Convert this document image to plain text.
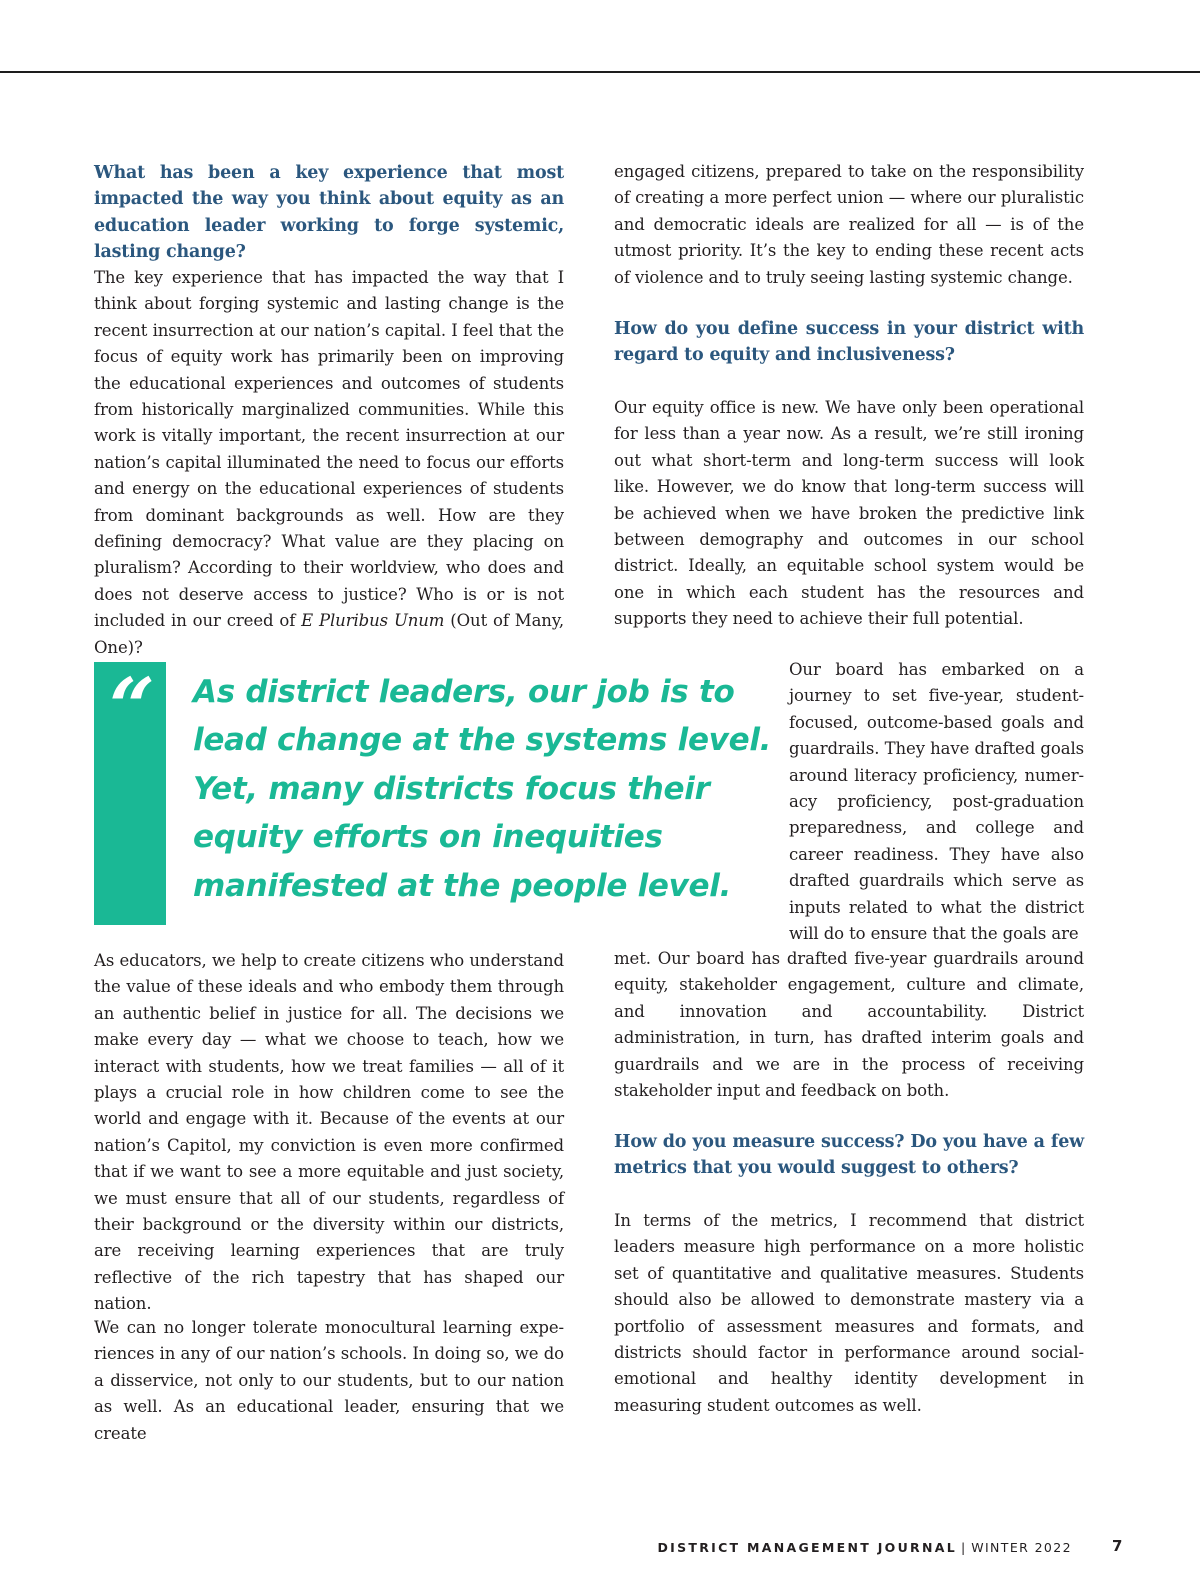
What has been a key experience that most impacted the way you think about equity as an education leader working to forge systemic, lasting change?

The key experience that has impacted the way that I think about forging systemic and lasting change is the recent insurrection at our nation’s capital. I feel that the focus of equity work has primarily been on improving the educational experiences and outcomes of students from historically marginalized communities. While this work is vitally important, the recent insurrection at our nation’s capital illuminated the need to focus our efforts and energy on the educational experiences of students from dominant backgrounds as well. How are they defining democracy? What value are they placing on pluralism? According to their worldview, who does and does not deserve access to justice? Who is or is not included in our creed of E Pluribus Unum (Out of Many, One)?

“ As district leaders, our job is to
lead change at the systems level.
Yet, many districts focus their
equity efforts on inequities
manifested at the people level.

As educators, we help to create citizens who understand the value of these ideals and who embody them through an authentic belief in justice for all. The decisions we make every day — what we choose to teach, how we interact with students, how we treat families — all of it plays a crucial role in how children come to see the world and engage with it. Because of the events at our nation’s Capitol, my conviction is even more confirmed that if we want to see a more equitable and just society, we must ensure that all of our students, regardless of their background or the diversity within our districts, are receiving learning experiences that are truly reflective of the rich tapestry that has shaped our nation.

We can no longer tolerate monocultural learning expe-riences in any of our nation’s schools. In doing so, we do a disservice, not only to our students, but to our nation as well. As an educational leader, ensuring that we create

engaged citizens, prepared to take on the responsibility of creating a more perfect union — where our pluralistic and democratic ideals are realized for all — is of the utmost priority. It’s the key to ending these recent acts of violence and to truly seeing lasting systemic change.

How do you define success in your district with regard to equity and inclusiveness?

Our equity office is new. We have only been operational for less than a year now. As a result, we’re still ironing out what short-term and long-term success will look like. However, we do know that long-term success will be achieved when we have broken the predictive link between demography and outcomes in our school district. Ideally, an equitable school system would be one in which each student has the resources and supports they need to achieve their full potential.

Our board has embarked on a journey to set five-year, student-focused, outcome-based goals and guardrails. They have drafted goals around literacy proficiency, numer-acy proficiency, post-graduation preparedness, and college and career readiness. They have also drafted guardrails which serve as inputs related to what the district will do to ensure that the goals are

met. Our board has drafted five-year guardrails around equity, stakeholder engagement, culture and climate, and innovation and accountability. District administration, in turn, has drafted interim goals and guardrails and we are in the process of receiving stakeholder input and feedback on both.

How do you measure success? Do you have a few metrics that you would suggest to others?

In terms of the metrics, I recommend that district leaders measure high performance on a more holistic set of quantitative and qualitative measures. Students should also be allowed to demonstrate mastery via a portfolio of assessment measures and formats, and districts should factor in performance around social-emotional and healthy identity development in measuring student outcomes as well.

DISTRICT MANAGEMENT JOURNAL | WINTER 2022	7
